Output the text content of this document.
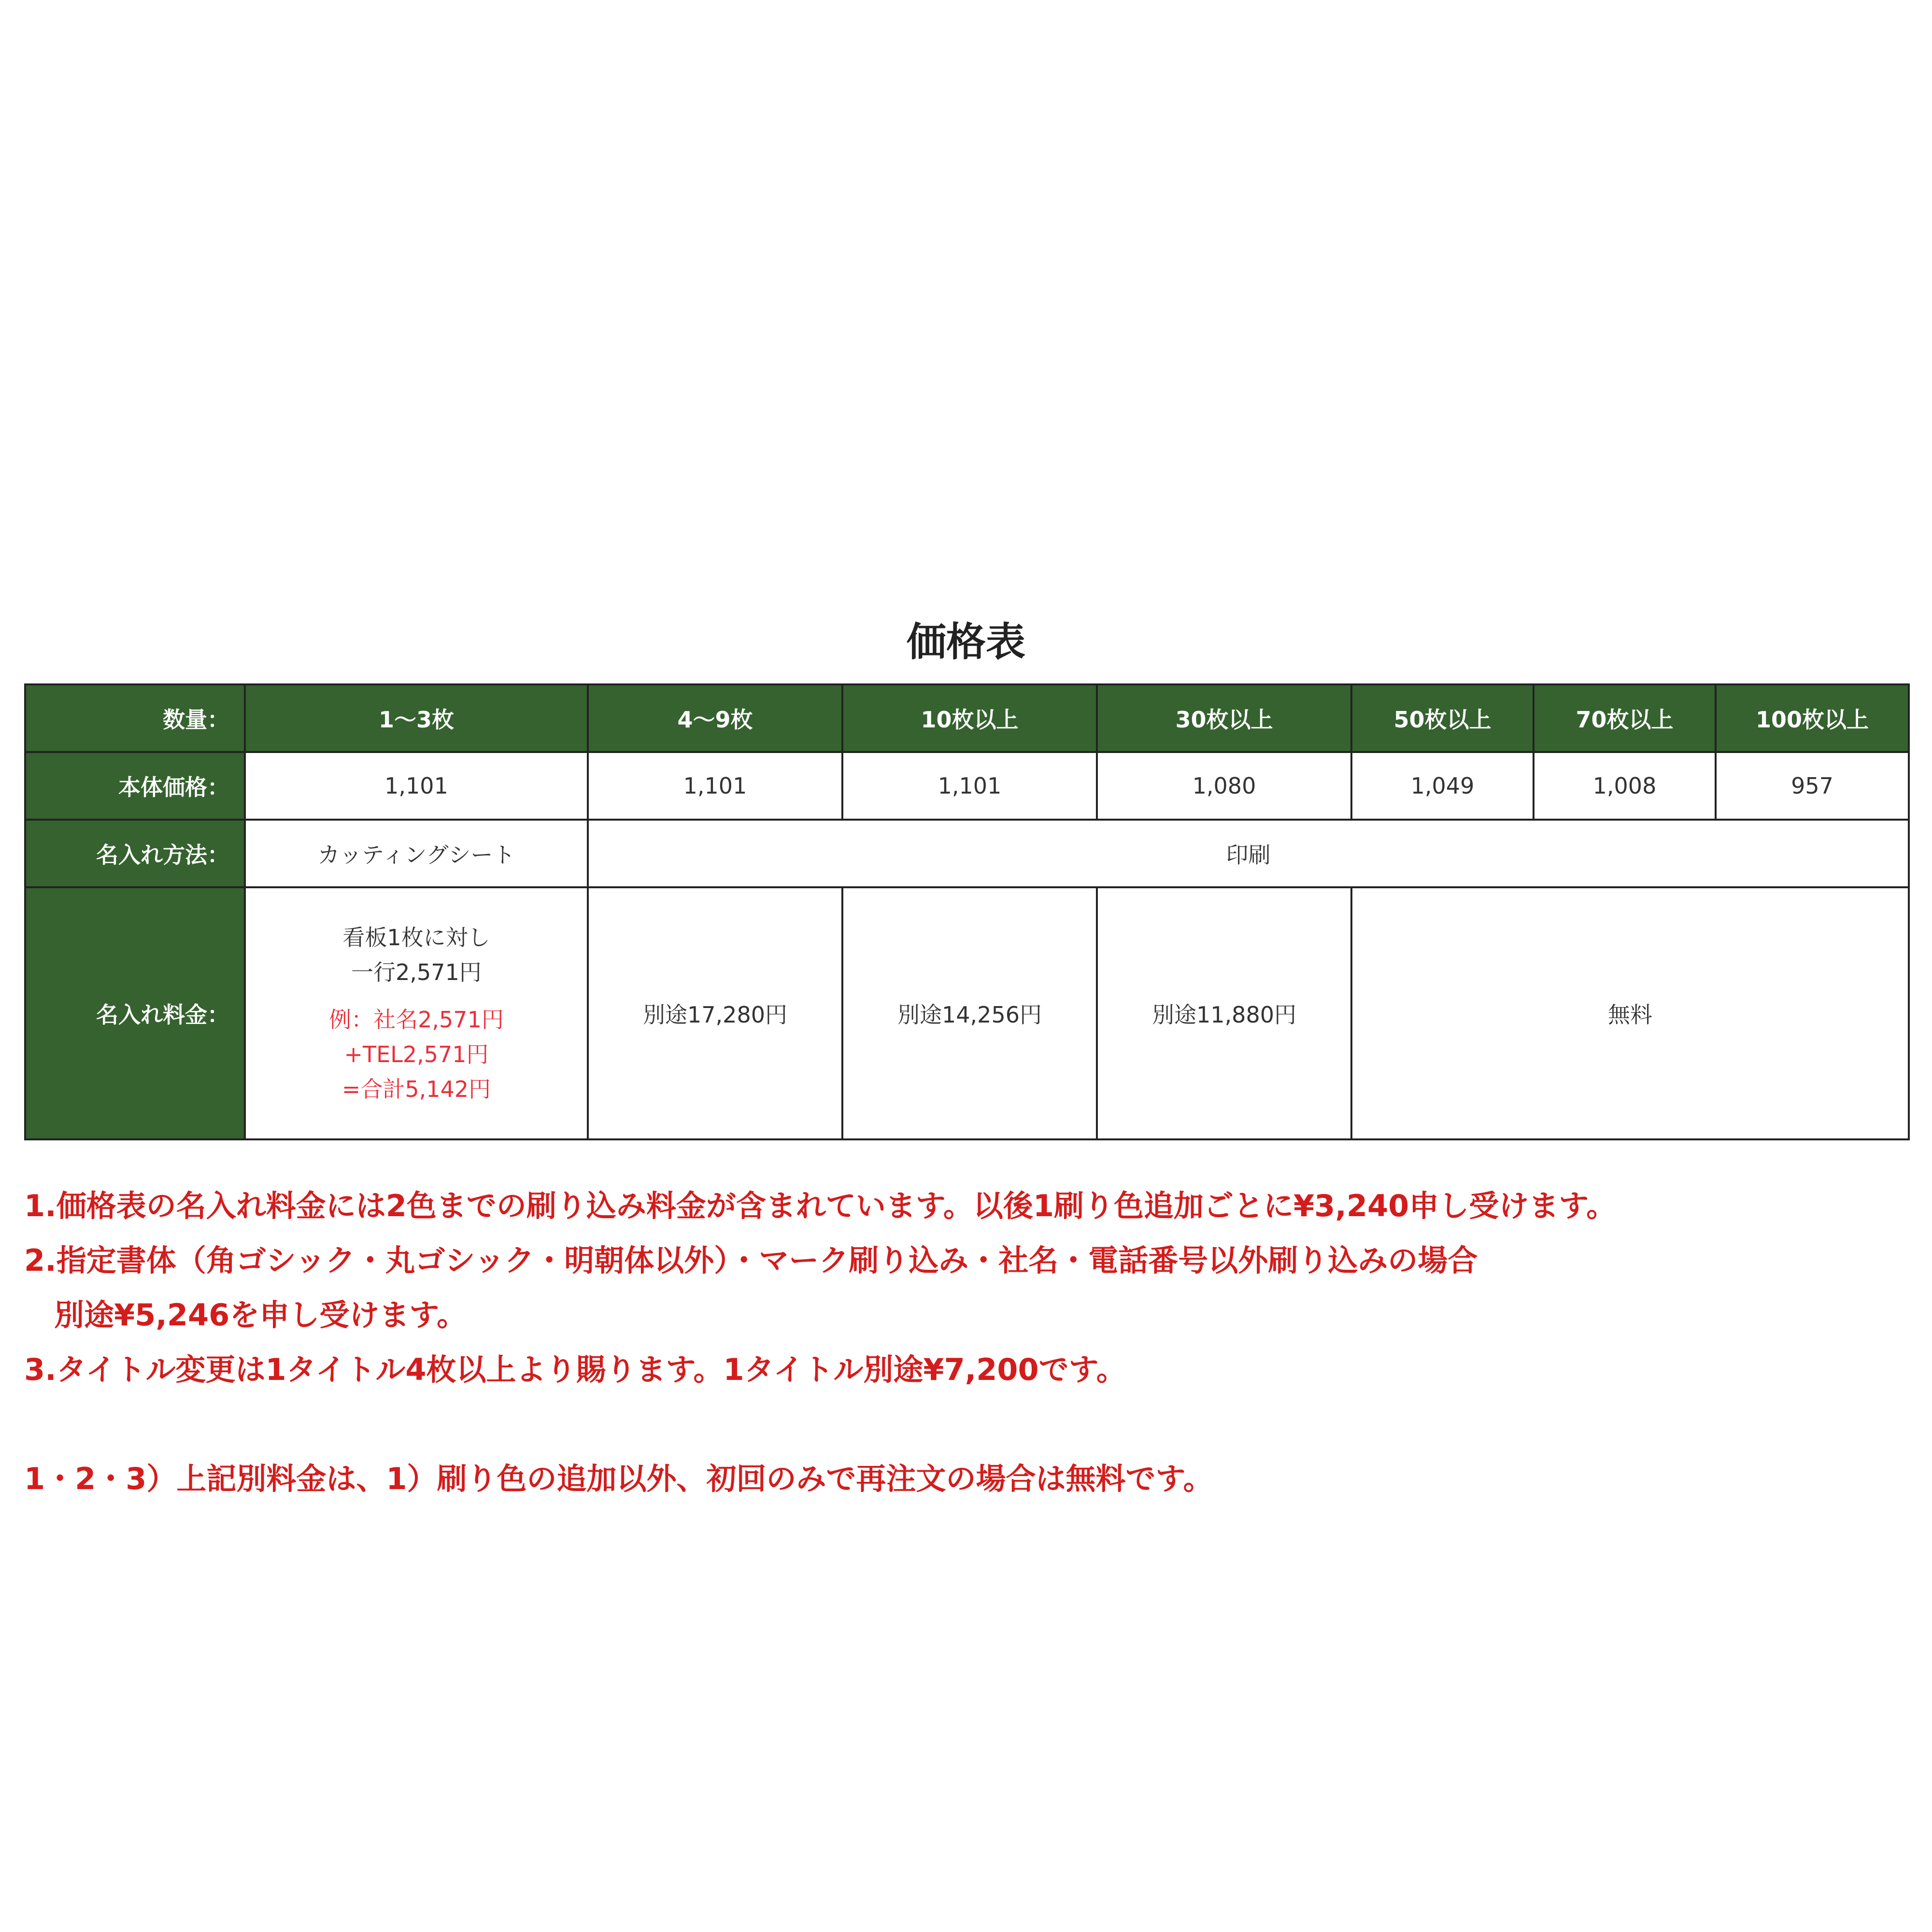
価格表
数量：	1～3枚	4～9枚	10枚以上	30枚以上	50枚以上	70枚以上	100枚以上
本体価格：	1,101	1,101	1,101	1,080	1,049	1,008	957
名入れ方法：	カッティングシート	印刷					
名入れ料金：	看板1枚に対し
一行2,571円
例：社名2,571円
+TEL2,571円
=合計5,142円	別途17,280円	別途14,256円	別途11,880円	無料		
1.価格表の名入れ料金には2色までの刷り込み料金が含まれています。以後1刷り色追加ごとに¥3,240申し受けます。
2.指定書体（角ゴシック・丸ゴシック・明朝体以外）・マーク刷り込み・社名・電話番号以外刷り込みの場合
別途¥5,246を申し受けます。
3.タイトル変更は1タイトル4枚以上より賜ります。1タイトル別途¥7,200です。
1・2・3）上記別料金は、1）刷り色の追加以外、初回のみで再注文の場合は無料です。
